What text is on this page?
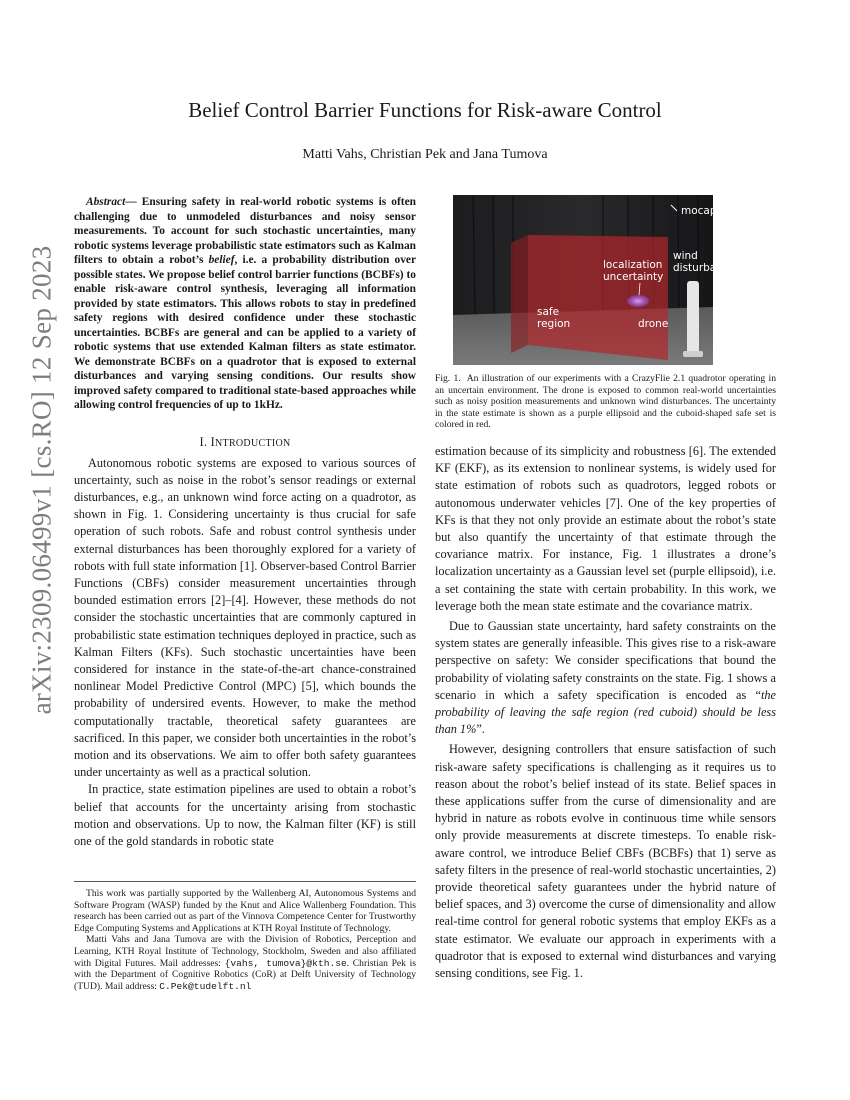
arXiv:2309.06499v1 [cs.RO] 12 Sep 2023
Belief Control Barrier Functions for Risk-aware Control
Matti Vahs, Christian Pek and Jana Tumova

Abstract— Ensuring safety in real-world robotic systems is often challenging due to unmodeled disturbances and noisy sensor measurements. To account for such stochastic uncertainties, many robotic systems leverage probabilistic state estimators such as Kalman filters to obtain a robot’s belief, i.e. a probability distribution over possible states. We propose belief control barrier functions (BCBFs) to enable risk-aware control synthesis, leveraging all information provided by state estimators. This allows robots to stay in predefined safety regions with desired confidence under these stochastic uncertainties. BCBFs are general and can be applied to a variety of robotic systems that use extended Kalman filters as state estimator. We demonstrate BCBFs on a quadrotor that is exposed to external disturbances and varying sensing conditions. Our results show improved safety compared to traditional state-based approaches while allowing control frequencies of up to 1kHz.

I. INTRODUCTION

Autonomous robotic systems are exposed to various sources of uncertainty, such as noise in the robot’s sensor readings or external disturbances, e.g., an unknown wind force acting on a quadrotor, as shown in Fig. 1. Considering uncertainty is thus crucial for safe operation of such robots. Safe and robust control synthesis under external disturbances has been thoroughly explored for a variety of robots with full state information [1]. Observer-based Control Barrier Functions (CBFs) consider measurement uncertainties through bounded estimation errors [2]–[4]. However, these methods do not consider the stochastic uncertainties that are commonly captured in probabilistic state estimation techniques deployed in practice, such as Kalman Filters (KFs). Such stochastic uncertainties have been considered for instance in the state-of-the-art chance-constrained nonlinear Model Predictive Control (MPC) [5], which bounds the probability of undersired events. However, to make the method computationally tractable, theoretical safety guarantees are sacrificed. In this paper, we consider both uncertainties in the robot’s motion and its observations. We aim to offer both safety guarantees under uncertainty as well as a practical solution.

In practice, state estimation pipelines are used to obtain a robot’s belief that accounts for the uncertainty arising from stochastic motion and observations. Up to now, the Kalman filter (KF) is still one of the gold standards in robotic state

This work was partially supported by the Wallenberg AI, Autonomous Systems and Software Program (WASP) funded by the Knut and Alice Wallenberg Foundation. This research has been carried out as part of the Vinnova Competence Center for Trustworthy Edge Computing Systems and Applications at KTH Royal Institute of Technology.

Matti Vahs and Jana Tumova are with the Division of Robotics, Perception and Learning, KTH Royal Institute of Technology, Stockholm, Sweden and also affiliated with Digital Futures. Mail addresses: {vahs, tumova}@kth.se. Christian Pek is with the Department of Cognitive Robotics (CoR) at Delft University of Technology (TUD). Mail address: C.Pek@tudelft.nl

mocap
localization
uncertainty
wind
disturbance
safe
region	drone

Fig. 1. An illustration of our experiments with a CrazyFlie 2.1 quadrotor operating in an uncertain environment. The drone is exposed to common real-world uncertainties such as noisy position measurements and unknown wind disturbances. The uncertainty in the state estimate is shown as a purple ellipsoid and the cuboid-shaped safe set is colored in red.

estimation because of its simplicity and robustness [6]. The extended KF (EKF), as its extension to nonlinear systems, is widely used for state estimation of robots such as quadrotors, legged robots or autonomous underwater vehicles [7]. One of the key properties of KFs is that they not only provide an estimate about the robot’s state but also quantify the uncertainty of that estimate through the covariance matrix. For instance, Fig. 1 illustrates a drone’s localization uncertainty as a Gaussian level set (purple ellipsoid), i.e. a set containing the state with certain probability. In this work, we leverage both the mean state estimate and the covariance matrix.

Due to Gaussian state uncertainty, hard safety constraints on the system states are generally infeasible. This gives rise to a risk-aware perspective on safety: We consider specifications that bound the probability of violating safety constraints on the state. Fig. 1 shows a scenario in which a safety specification is encoded as “the probability of leaving the safe region (red cuboid) should be less than 1%”.

However, designing controllers that ensure satisfaction of such risk-aware safety specifications is challenging as it requires us to reason about the robot’s belief instead of its state. Belief spaces in these applications suffer from the curse of dimensionality and are hybrid in nature as robots evolve in continuous time while sensors only provide measurements at discrete timesteps. To enable risk-aware control, we introduce Belief CBFs (BCBFs) that 1) serve as safety filters in the presence of real-world stochastic uncertainties, 2) provide theoretical safety guarantees under the hybrid nature of belief spaces, and 3) overcome the curse of dimensionality and allow real-time control for general robotic systems that employ EKFs as a state estimator. We evaluate our approach in experiments with a quadrotor that is exposed to external wind disturbances and varying sensing conditions, see Fig. 1.
